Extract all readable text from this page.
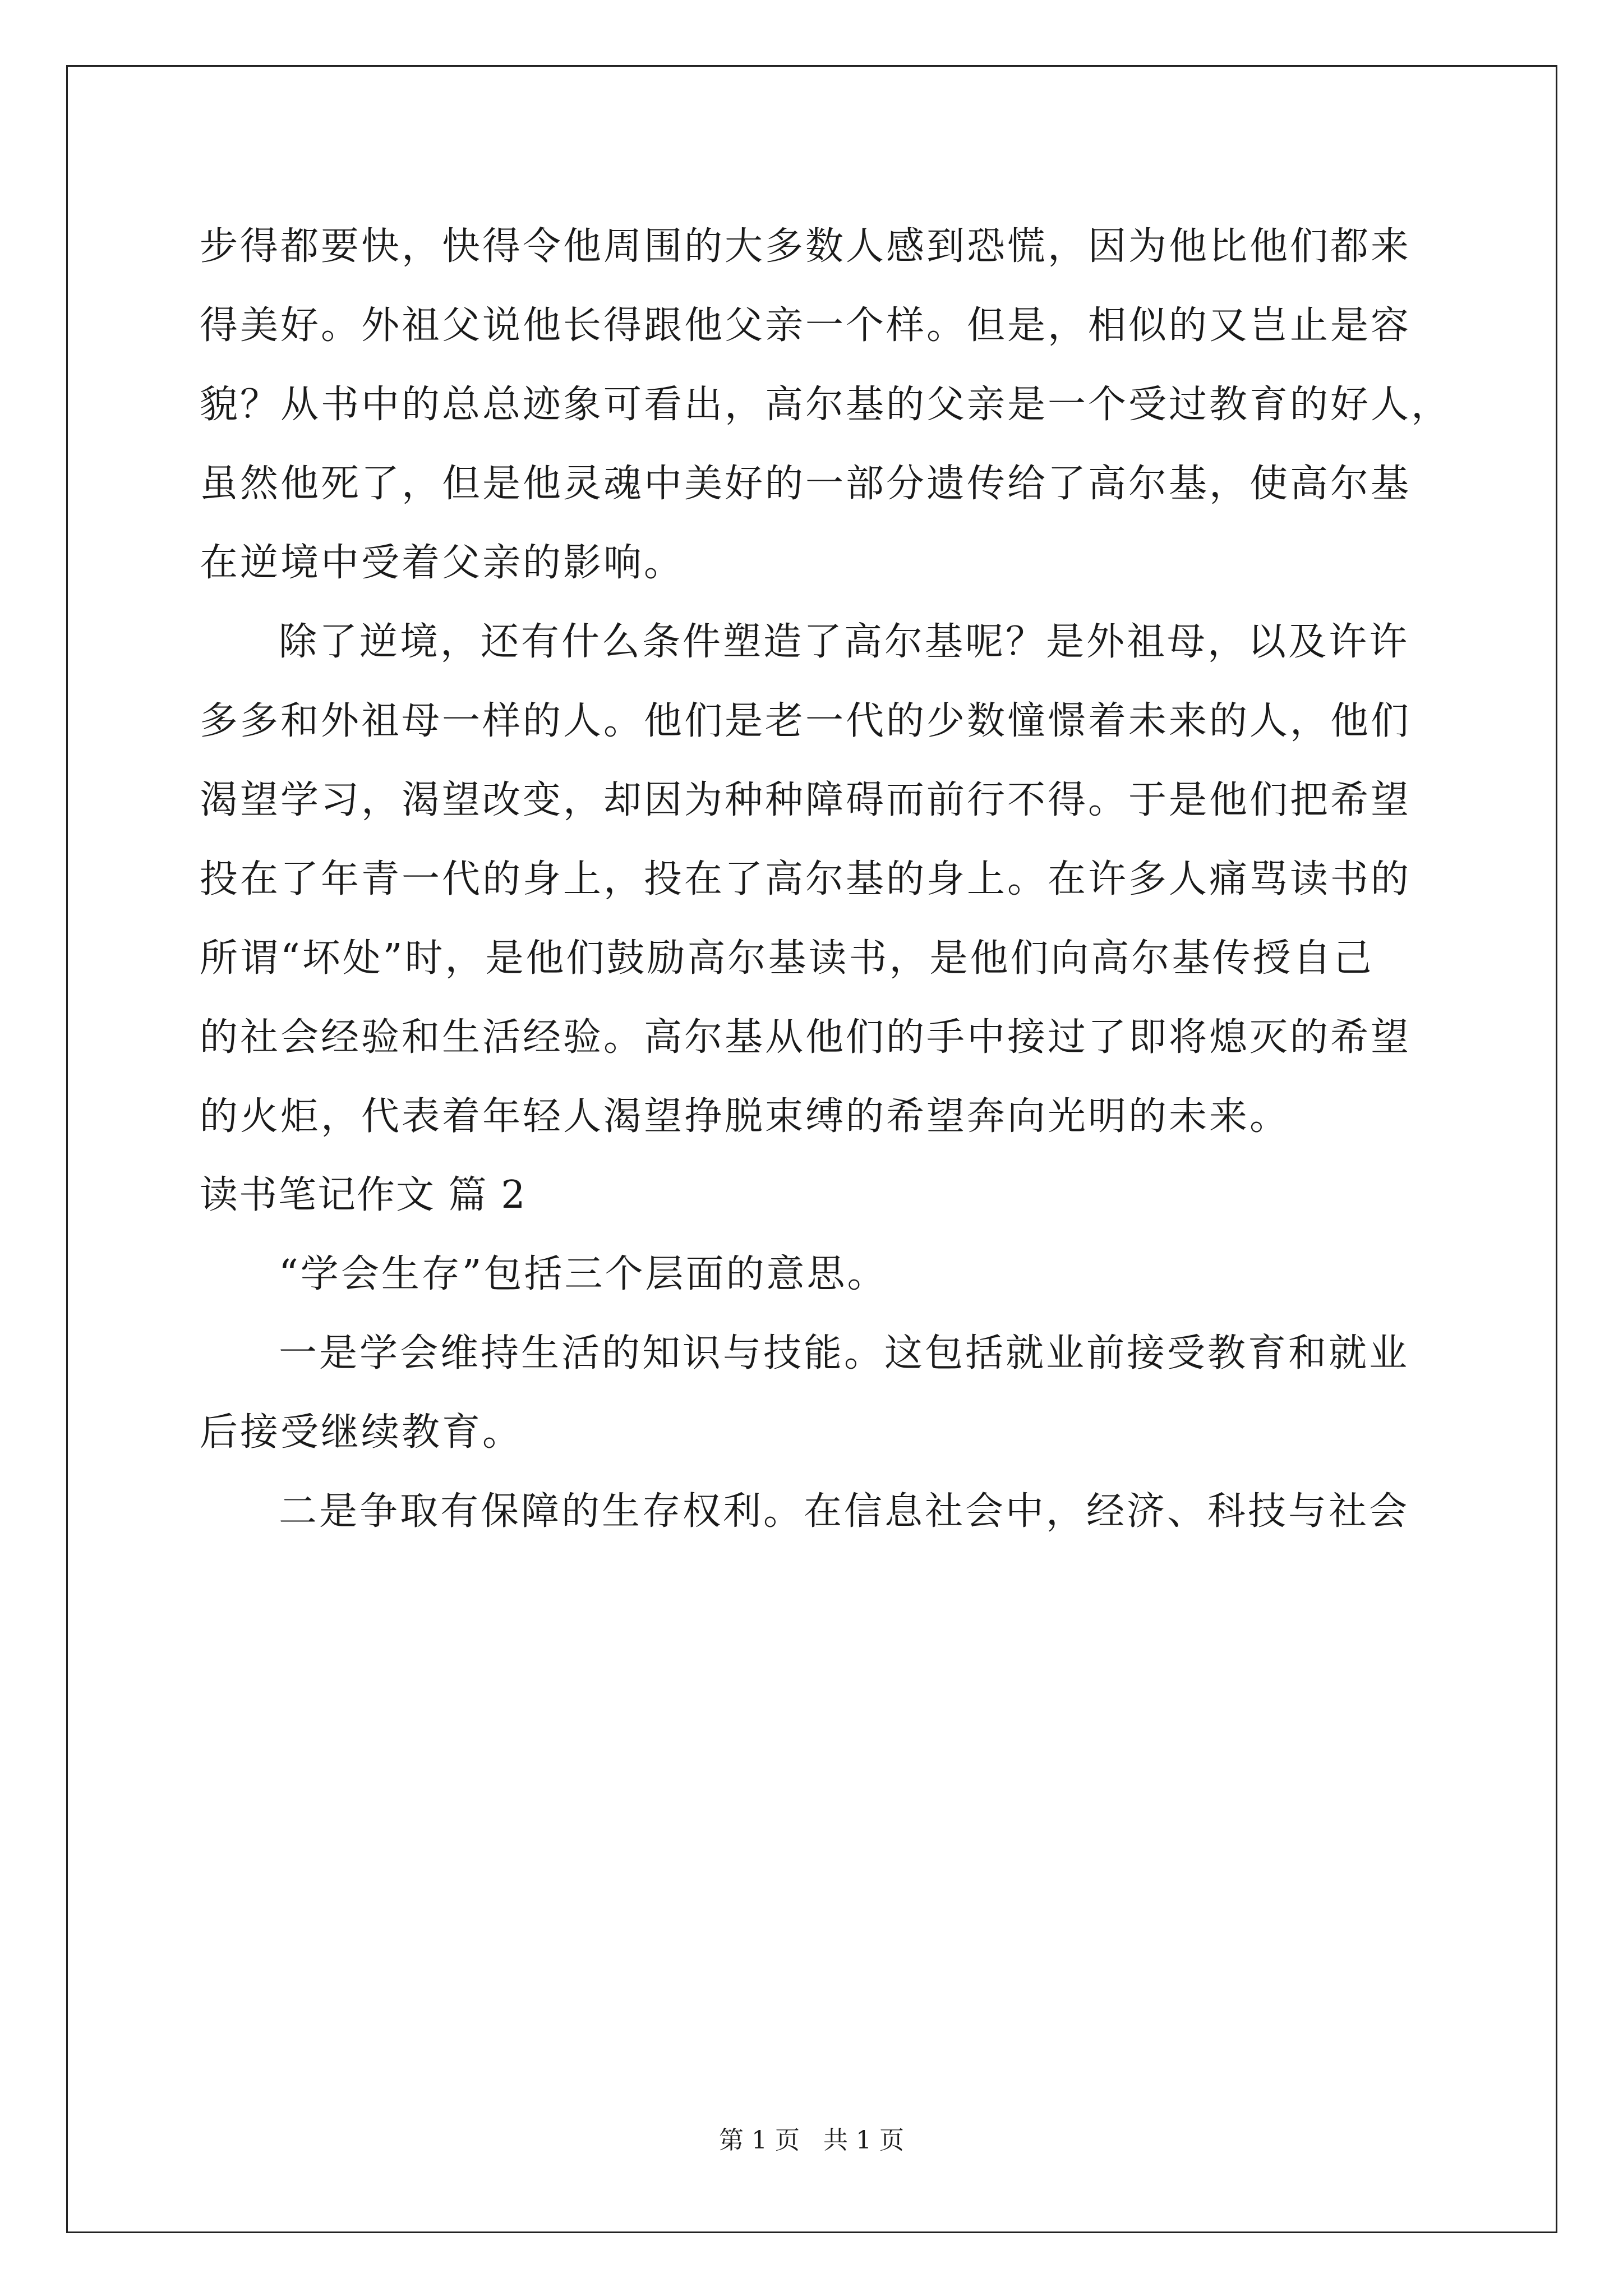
步得都要快，快得令他周围的大多数人感到恐慌，因为他比他们都来
得美好。外祖父说他长得跟他父亲一个样。但是，相似的又岂止是容
貌？从书中的总总迹象可看出，高尔基的父亲是一个受过教育的好人，
虽然他死了，但是他灵魂中美好的一部分遗传给了高尔基，使高尔基
在逆境中受着父亲的影响。
除了逆境，还有什么条件塑造了高尔基呢？是外祖母，以及许许
多多和外祖母一样的人。他们是老一代的少数憧憬着未来的人，他们
渴望学习，渴望改变，却因为种种障碍而前行不得。于是他们把希望
投在了年青一代的身上，投在了高尔基的身上。在许多人痛骂读书的
所谓“坏处”时，是他们鼓励高尔基读书，是他们向高尔基传授自己
的社会经验和生活经验。高尔基从他们的手中接过了即将熄灭的希望
的火炬，代表着年轻人渴望挣脱束缚的希望奔向光明的未来。
读书笔记作文 篇 2
“学会生存”包括三个层面的意思。
一是学会维持生活的知识与技能。这包括就业前接受教育和就业
后接受继续教育。
二是争取有保障的生存权利。在信息社会中，经济、科技与社会
第 1 页   共 1 页
